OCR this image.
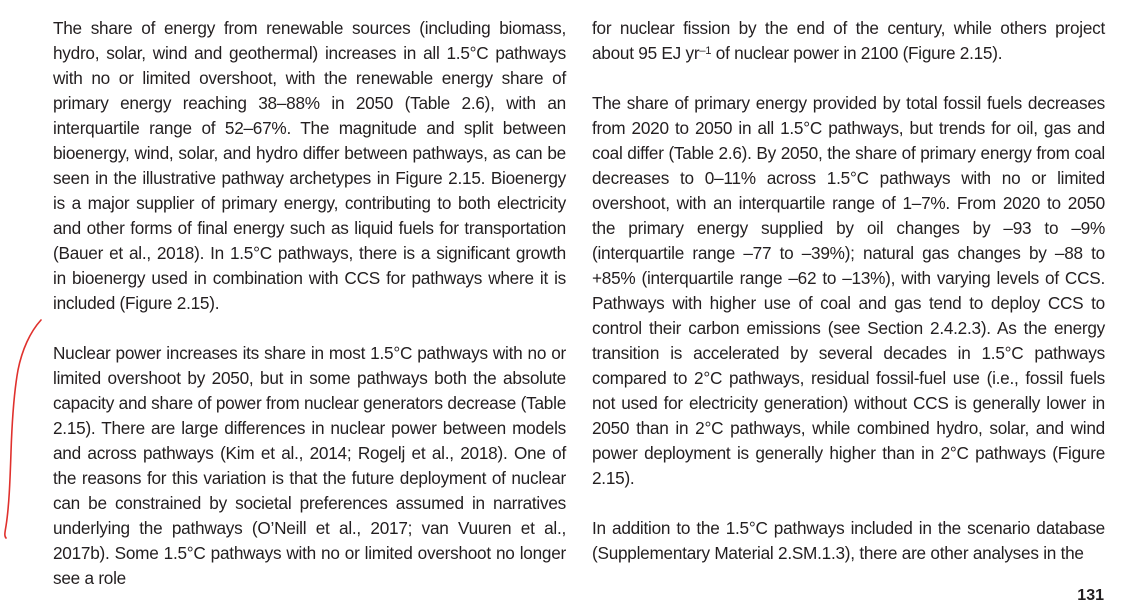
The share of energy from renewable sources (including biomass, hydro, solar, wind and geothermal) increases in all 1.5°C pathways with no or limited overshoot, with the renewable energy share of primary energy reaching 38–88% in 2050 (Table 2.6), with an interquartile range of 52–67%. The magnitude and split between bioenergy, wind, solar, and hydro differ between pathways, as can be seen in the illustrative pathway archetypes in Figure 2.15. Bioenergy is a major supplier of primary energy, contributing to both electricity and other forms of final energy such as liquid fuels for transportation (Bauer et al., 2018). In 1.5°C pathways, there is a significant growth in bioenergy used in combination with CCS for pathways where it is included (Figure 2.15).

Nuclear power increases its share in most 1.5°C pathways with no or limited overshoot by 2050, but in some pathways both the absolute capacity and share of power from nuclear generators decrease (Table 2.15). There are large differences in nuclear power between models and across pathways (Kim et al., 2014; Rogelj et al., 2018). One of the reasons for this variation is that the future deployment of nuclear can be constrained by societal preferences assumed in narratives underlying the pathways (O’Neill et al., 2017; van Vuuren et al., 2017b). Some 1.5°C pathways with no or limited overshoot no longer see a role

for nuclear fission by the end of the century, while others project about 95 EJ $yr^{-1}$ of nuclear power in 2100 (Figure 2.15).

The share of primary energy provided by total fossil fuels decreases from 2020 to 2050 in all 1.5°C pathways, but trends for oil, gas and coal differ (Table 2.6). By 2050, the share of primary energy from coal decreases to 0–11% across 1.5°C pathways with no or limited overshoot, with an interquartile range of 1–7%. From 2020 to 2050 the primary energy supplied by oil changes by –93 to –9% (interquartile range –77 to –39%); natural gas changes by –88 to +85% (interquartile range –62 to –13%), with varying levels of CCS. Pathways with higher use of coal and gas tend to deploy CCS to control their carbon emissions (see Section 2.4.2.3). As the energy transition is accelerated by several decades in 1.5°C pathways compared to 2°C pathways, residual fossil-fuel use (i.e., fossil fuels not used for electricity generation) without CCS is generally lower in 2050 than in 2°C pathways, while combined hydro, solar, and wind power deployment is generally higher than in 2°C pathways (Figure 2.15).

In addition to the 1.5°C pathways included in the scenario database (Supplementary Material 2.SM.1.3), there are other analyses in the

131
